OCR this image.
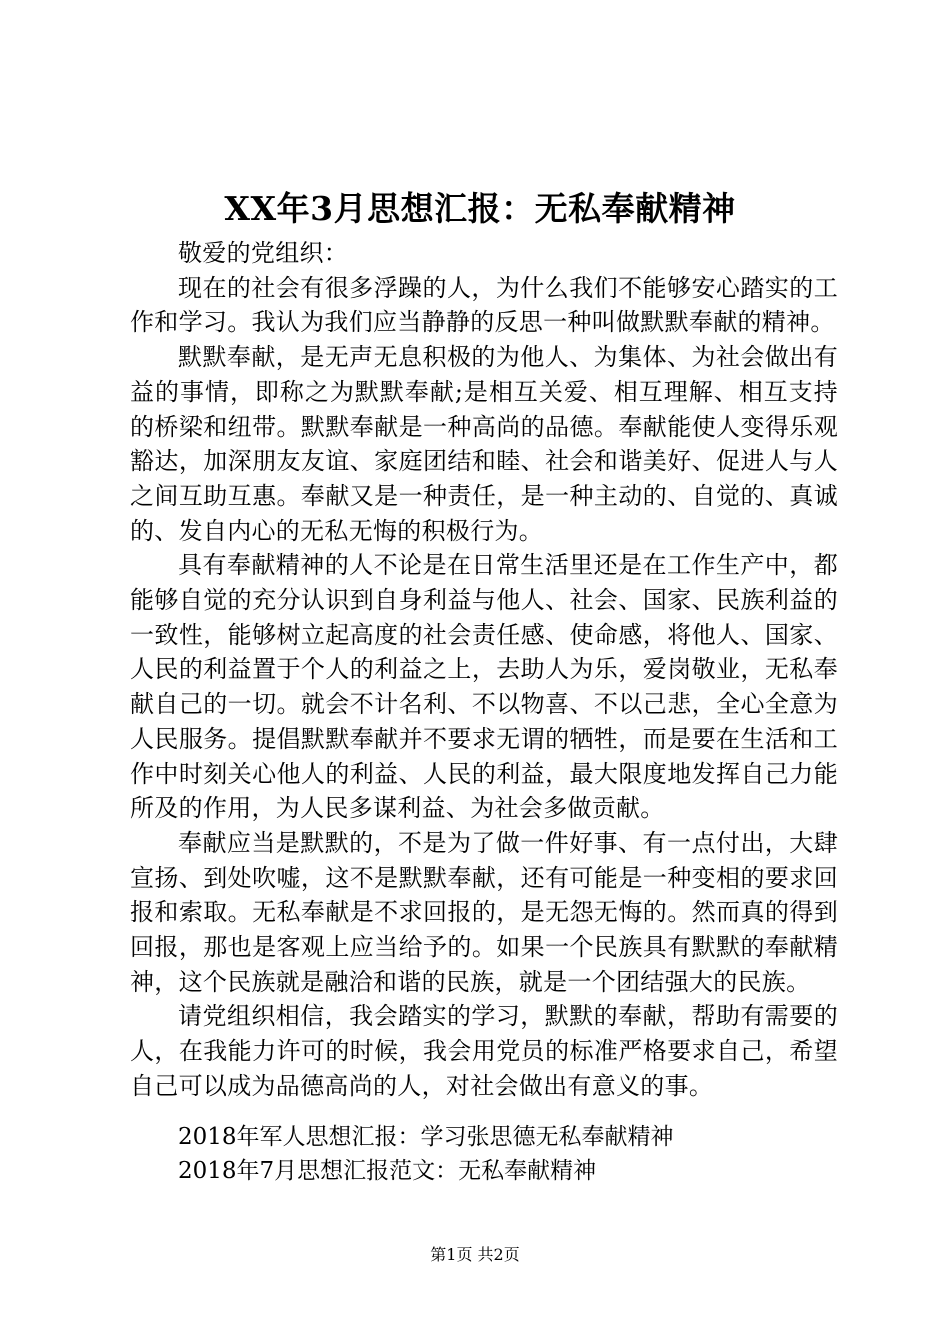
XX年3月思想汇报：无私奉献精神

敬爱的党组织：

现在的社会有很多浮躁的人，为什么我们不能够安心踏实的工作和学习。我认为我们应当静静的反思一种叫做默默奉献的精神。

默默奉献，是无声无息积极的为他人、为集体、为社会做出有益的事情，即称之为默默奉献;是相互关爱、相互理解、相互支持的桥梁和纽带。默默奉献是一种高尚的品德。奉献能使人变得乐观豁达，加深朋友友谊、家庭团结和睦、社会和谐美好、促进人与人之间互助互惠。奉献又是一种责任，是一种主动的、自觉的、真诚的、发自内心的无私无悔的积极行为。

具有奉献精神的人不论是在日常生活里还是在工作生产中，都能够自觉的充分认识到自身利益与他人、社会、国家、民族利益的一致性，能够树立起高度的社会责任感、使命感，将他人、国家、人民的利益置于个人的利益之上，去助人为乐，爱岗敬业，无私奉献自己的一切。就会不计名利、不以物喜、不以己悲，全心全意为人民服务。提倡默默奉献并不要求无谓的牺牲，而是要在生活和工作中时刻关心他人的利益、人民的利益，最大限度地发挥自己力能所及的作用，为人民多谋利益、为社会多做贡献。

奉献应当是默默的，不是为了做一件好事、有一点付出，大肆宣扬、到处吹嘘，这不是默默奉献，还有可能是一种变相的要求回报和索取。无私奉献是不求回报的，是无怨无悔的。然而真的得到回报，那也是客观上应当给予的。如果一个民族具有默默的奉献精神，这个民族就是融洽和谐的民族，就是一个团结强大的民族。

请党组织相信，我会踏实的学习，默默的奉献，帮助有需要的人，在我能力许可的时候，我会用党员的标准严格要求自己，希望自己可以成为品德高尚的人，对社会做出有意义的事。

2018年军人思想汇报：学习张思德无私奉献精神
2018年7月思想汇报范文：无私奉献精神
第1页 共2页
